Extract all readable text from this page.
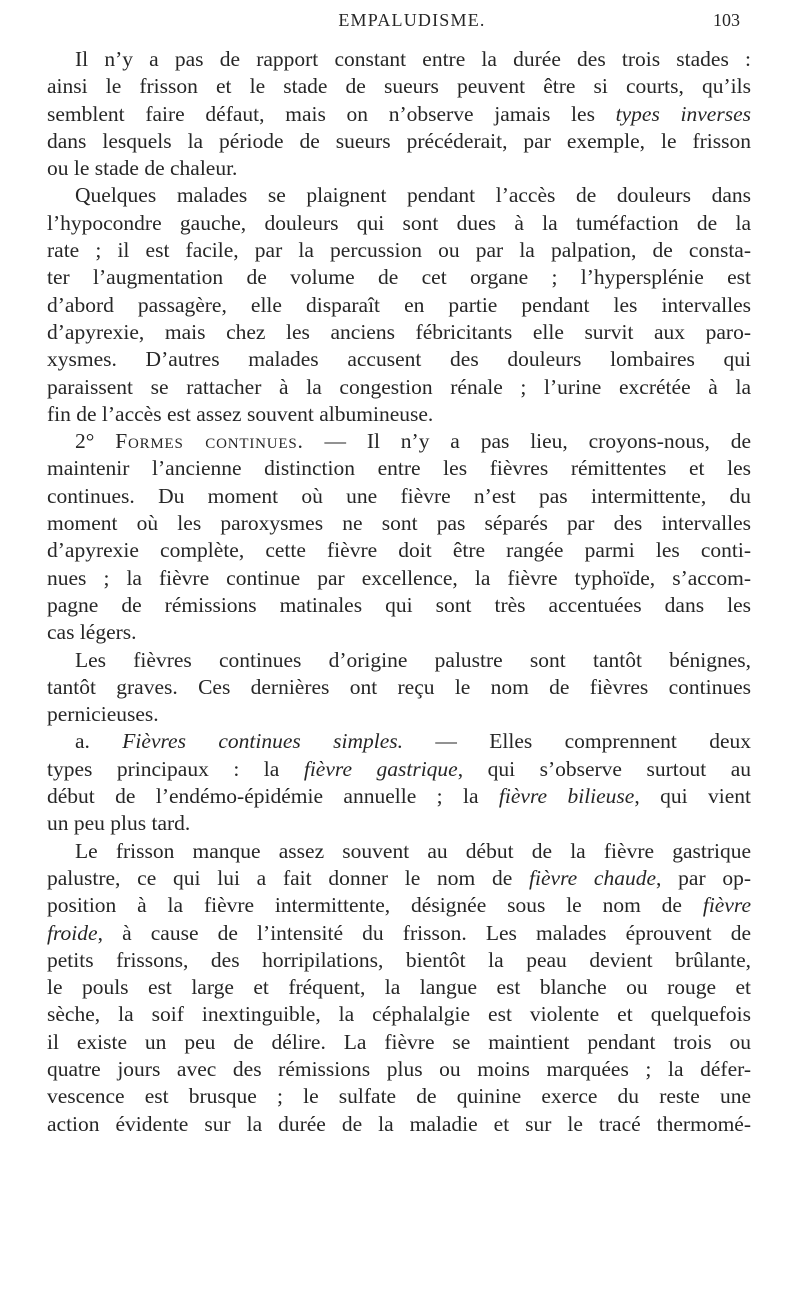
EMPALUDISME.	103
Il n’y a pas de rapport constant entre la durée des trois stades :
ainsi le frisson et le stade de sueurs peuvent être si courts, qu’ils
semblent faire défaut, mais on n’observe jamais les types inverses
dans lesquels la période de sueurs précéderait, par exemple, le frisson
ou le stade de chaleur.
Quelques malades se plaignent pendant l’accès de douleurs dans
l’hypocondre gauche, douleurs qui sont dues à la tuméfaction de la
rate ; il est facile, par la percussion ou par la palpation, de consta-
ter l’augmentation de volume de cet organe ; l’hypersplénie est
d’abord passagère, elle disparaît en partie pendant les intervalles
d’apyrexie, mais chez les anciens fébricitants elle survit aux paro-
xysmes. D’autres malades accusent des douleurs lombaires qui
paraissent se rattacher à la congestion rénale ; l’urine excrétée à la
fin de l’accès est assez souvent albumineuse.
2° Formes continues. — Il n’y a pas lieu, croyons-nous, de
maintenir l’ancienne distinction entre les fièvres rémittentes et les
continues. Du moment où une fièvre n’est pas intermittente, du
moment où les paroxysmes ne sont pas séparés par des intervalles
d’apyrexie complète, cette fièvre doit être rangée parmi les conti-
nues ; la fièvre continue par excellence, la fièvre typhoïde, s’accom-
pagne de rémissions matinales qui sont très accentuées dans les
cas légers.
Les fièvres continues d’origine palustre sont tantôt bénignes,
tantôt graves. Ces dernières ont reçu le nom de fièvres continues
pernicieuses.
a. Fièvres continues simples. — Elles comprennent deux
types principaux : la fièvre gastrique, qui s’observe surtout au
début de l’endémo-épidémie annuelle ; la fièvre bilieuse, qui vient
un peu plus tard.
Le frisson manque assez souvent au début de la fièvre gastrique
palustre, ce qui lui a fait donner le nom de fièvre chaude, par op-
position à la fièvre intermittente, désignée sous le nom de fièvre
froide, à cause de l’intensité du frisson. Les malades éprouvent de
petits frissons, des horripilations, bientôt la peau devient brûlante,
le pouls est large et fréquent, la langue est blanche ou rouge et
sèche, la soif inextinguible, la céphalalgie est violente et quelquefois
il existe un peu de délire. La fièvre se maintient pendant trois ou
quatre jours avec des rémissions plus ou moins marquées ; la défer-
vescence est brusque ; le sulfate de quinine exerce du reste une
action évidente sur la durée de la maladie et sur le tracé thermomé-
